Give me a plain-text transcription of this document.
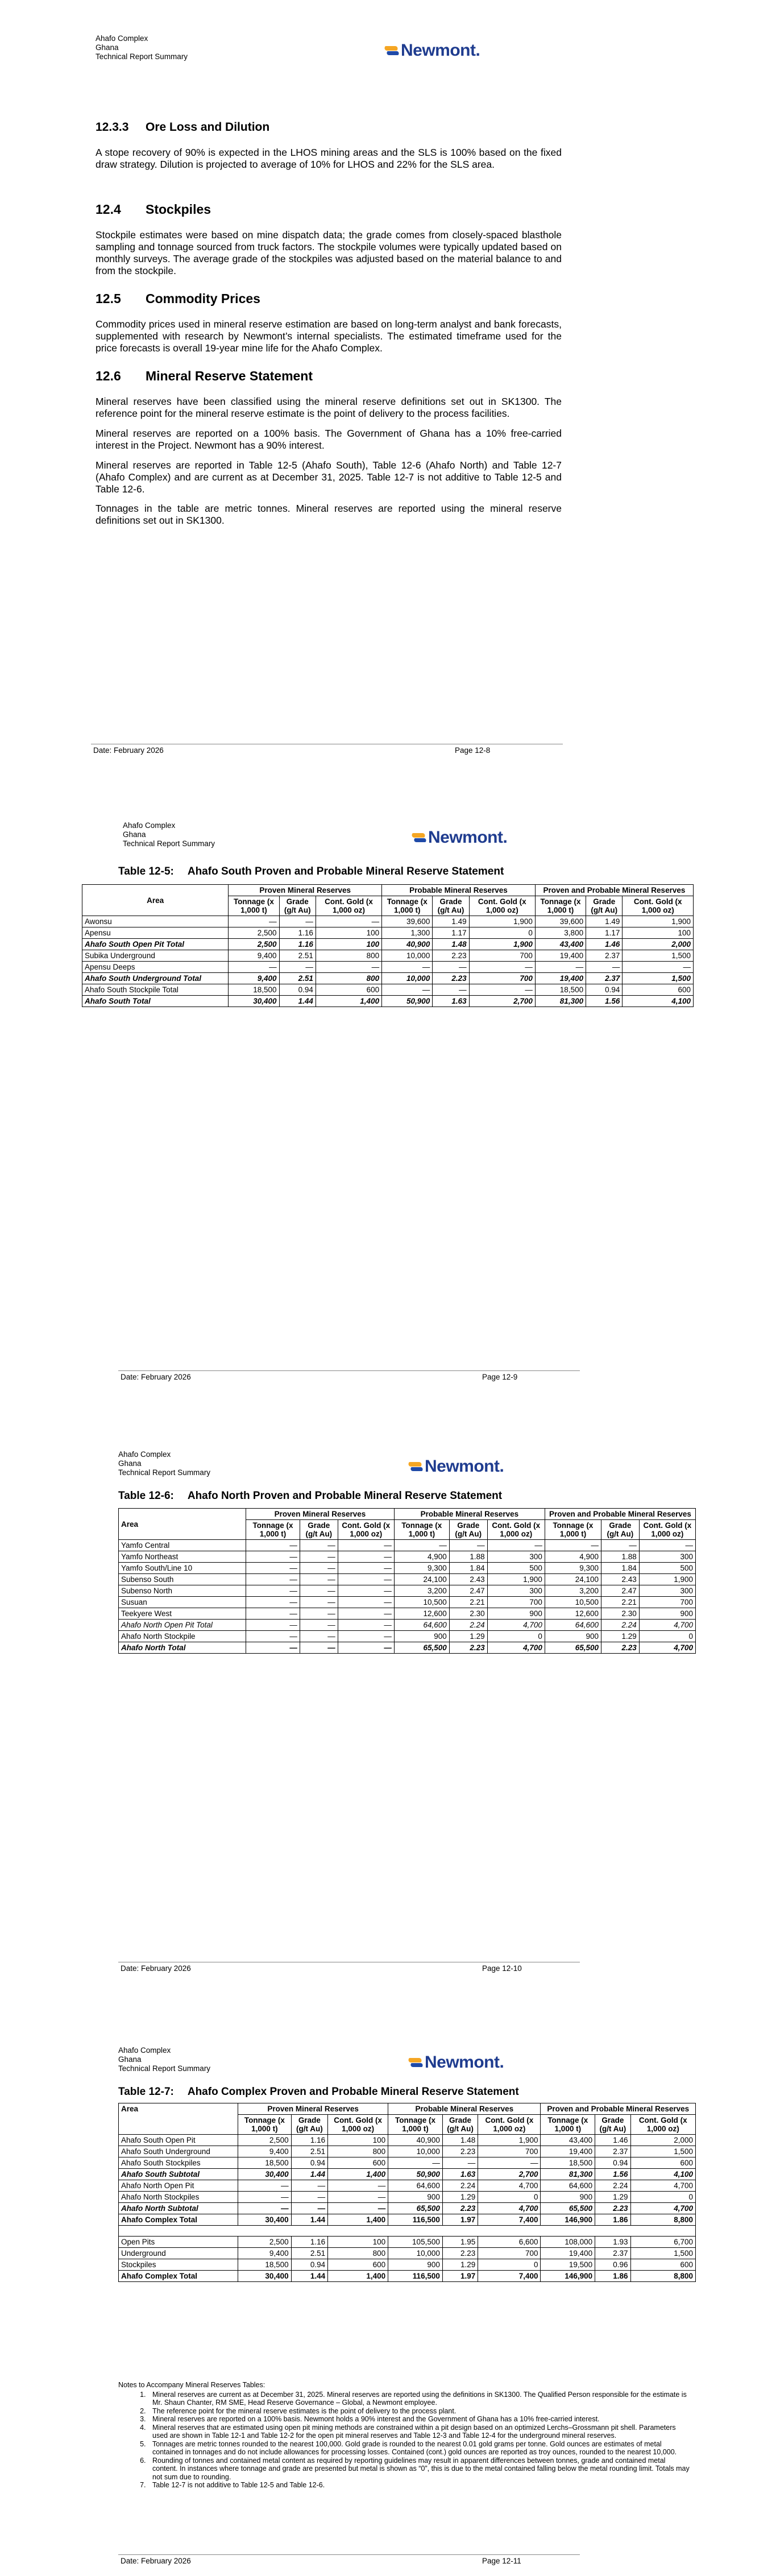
Ahafo Complex
Ghana
Technical Report Summary	Newmont.
12.3.3 Ore Loss and Dilution

A stope recovery of 90% is expected in the LHOS mining areas and the SLS is 100% based on the fixed draw strategy. Dilution is projected to average of 10% for LHOS and 22% for the SLS area.

12.4 Stockpiles

Stockpile estimates were based on mine dispatch data; the grade comes from closely-spaced blasthole sampling and tonnage sourced from truck factors. The stockpile volumes were typically updated based on monthly surveys. The average grade of the stockpiles was adjusted based on the material balance to and from the stockpile.

12.5 Commodity Prices

Commodity prices used in mineral reserve estimation are based on long-term analyst and bank forecasts, supplemented with research by Newmont’s internal specialists. The estimated timeframe used for the price forecasts is overall 19-year mine life for the Ahafo Complex.

12.6 Mineral Reserve Statement

Mineral reserves have been classified using the mineral reserve definitions set out in SK1300. The reference point for the mineral reserve estimate is the point of delivery to the process facilities.

Mineral reserves are reported on a 100% basis. The Government of Ghana has a 10% free-carried interest in the Project. Newmont has a 90% interest.

Mineral reserves are reported in Table 12-5 (Ahafo South), Table 12-6 (Ahafo North) and Table 12-7 (Ahafo Complex) and are current as at December 31, 2025. Table 12-7 is not additive to Table 12-5 and Table 12-6.

Tonnages in the table are metric tonnes. Mineral reserves are reported using the mineral reserve definitions set out in SK1300.

Date: February 2026	Page 12-8
Ahafo Complex
Ghana
Technical Report Summary	Newmont.
Table 12-5: Ahafo South Proven and Probable Mineral Reserve Statement
Area	Proven Mineral Reserves			Probable Mineral Reserves			Proven and Probable Mineral Reserves		
	Tonnage (x 1,000 t)	Grade (g/t Au)	Cont. Gold (x 1,000 oz)	Tonnage (x 1,000 t)	Grade (g/t Au)	Cont. Gold (x 1,000 oz)	Tonnage (x 1,000 t)	Grade (g/t Au)	Cont. Gold (x 1,000 oz)
Awonsu	—	—	—	39,600	1.49	1,900	39,600	1.49	1,900
Apensu	2,500	1.16	100	1,300	1.17	0	3,800	1.17	100
Ahafo South Open Pit Total	2,500	1.16	100	40,900	1.48	1,900	43,400	1.46	2,000
Subika Underground	9,400	2.51	800	10,000	2.23	700	19,400	2.37	1,500
Apensu Deeps	—	—	—	—	—	—	—	—	—
Ahafo South Underground Total	9,400	2.51	800	10,000	2.23	700	19,400	2.37	1,500
Ahafo South Stockpile Total	18,500	0.94	600	—	—	—	18,500	0.94	600
Ahafo South Total	30,400	1.44	1,400	50,900	1.63	2,700	81,300	1.56	4,100
Date: February 2026	Page 12-9
Ahafo Complex
Ghana
Technical Report Summary	Newmont.
Table 12-6: Ahafo North Proven and Probable Mineral Reserve Statement
Area	Proven Mineral Reserves			Probable Mineral Reserves			Proven and Probable Mineral Reserves		
	Tonnage (x 1,000 t)	Grade (g/t Au)	Cont. Gold (x 1,000 oz)	Tonnage (x 1,000 t)	Grade (g/t Au)	Cont. Gold (x 1,000 oz)	Tonnage (x 1,000 t)	Grade (g/t Au)	Cont. Gold (x 1,000 oz)
Yamfo Central	—	—	—	—	—	—	—	—	—
Yamfo Northeast	—	—	—	4,900	1.88	300	4,900	1.88	300
Yamfo South/Line 10	—	—	—	9,300	1.84	500	9,300	1.84	500
Subenso South	—	—	—	24,100	2.43	1,900	24,100	2.43	1,900
Subenso North	—	—	—	3,200	2.47	300	3,200	2.47	300
Susuan	—	—	—	10,500	2.21	700	10,500	2.21	700
Teekyere West	—	—	—	12,600	2.30	900	12,600	2.30	900
Ahafo North Open Pit Total	—	—	—	64,600	2.24	4,700	64,600	2.24	4,700
Ahafo North Stockpile	—	—	—	900	1.29	0	900	1.29	0
Ahafo North Total	—	—	—	65,500	2.23	4,700	65,500	2.23	4,700
Date: February 2026	Page 12-10
Ahafo Complex
Ghana
Technical Report Summary	Newmont.
Table 12-7: Ahafo Complex Proven and Probable Mineral Reserve Statement
Area	Proven Mineral Reserves			Probable Mineral Reserves			Proven and Probable Mineral Reserves		
	Tonnage (x 1,000 t)	Grade (g/t Au)	Cont. Gold (x 1,000 oz)	Tonnage (x 1,000 t)	Grade (g/t Au)	Cont. Gold (x 1,000 oz)	Tonnage (x 1,000 t)	Grade (g/t Au)	Cont. Gold (x 1,000 oz)
Ahafo South Open Pit	2,500	1.16	100	40,900	1.48	1,900	43,400	1.46	2,000
Ahafo South Underground	9,400	2.51	800	10,000	2.23	700	19,400	2.37	1,500
Ahafo South Stockpiles	18,500	0.94	600	—	—	—	18,500	0.94	600
Ahafo South Subtotal	30,400	1.44	1,400	50,900	1.63	2,700	81,300	1.56	4,100
Ahafo North Open Pit	—	—	—	64,600	2.24	4,700	64,600	2.24	4,700
Ahafo North Stockpiles	—	—	—	900	1.29	0	900	1.29	0
Ahafo North Subtotal	—	—	—	65,500	2.23	4,700	65,500	2.23	4,700
Ahafo Complex Total	30,400	1.44	1,400	116,500	1.97	7,400	146,900	1.86	8,800

Open Pits	2,500	1.16	100	105,500	1.95	6,600	108,000	1.93	6,700
Underground	9,400	2.51	800	10,000	2.23	700	19,400	2.37	1,500
Stockpiles	18,500	0.94	600	900	1.29	0	19,500	0.96	600
Ahafo Complex Total	30,400	1.44	1,400	116,500	1.97	7,400	146,900	1.86	8,800

Notes to Accompany Mineral Reserves Tables:

1. Mineral reserves are current as at December 31, 2025. Mineral reserves are reported using the definitions in SK1300. The Qualified Person responsible for the estimate is Mr. Shaun Chanter, RM SME, Head Reserve Governance – Global, a Newmont employee.
2. The reference point for the mineral reserve estimates is the point of delivery to the process plant.
3. Mineral reserves are reported on a 100% basis. Newmont holds a 90% interest and the Government of Ghana has a 10% free-carried interest.
4. Mineral reserves that are estimated using open pit mining methods are constrained within a pit design based on an optimized Lerchs–Grossmann pit shell. Parameters used are shown in Table 12-1 and Table 12-2 for the open pit mineral reserves and Table 12-3 and Table 12-4 for the underground mineral reserves.
5. Tonnages are metric tonnes rounded to the nearest 100,000. Gold grade is rounded to the nearest 0.01 gold grams per tonne. Gold ounces are estimates of metal contained in tonnages and do not include allowances for processing losses. Contained (cont.) gold ounces are reported as troy ounces, rounded to the nearest 10,000.
6. Rounding of tonnes and contained metal content as required by reporting guidelines may result in apparent differences between tonnes, grade and contained metal content. In instances where tonnage and grade are presented but metal is shown as “0”, this is due to the metal contained falling below the metal rounding limit. Totals may not sum due to rounding.
7. Table 12-7 is not additive to Table 12-5 and Table 12-6.
Date: February 2026	Page 12-11
